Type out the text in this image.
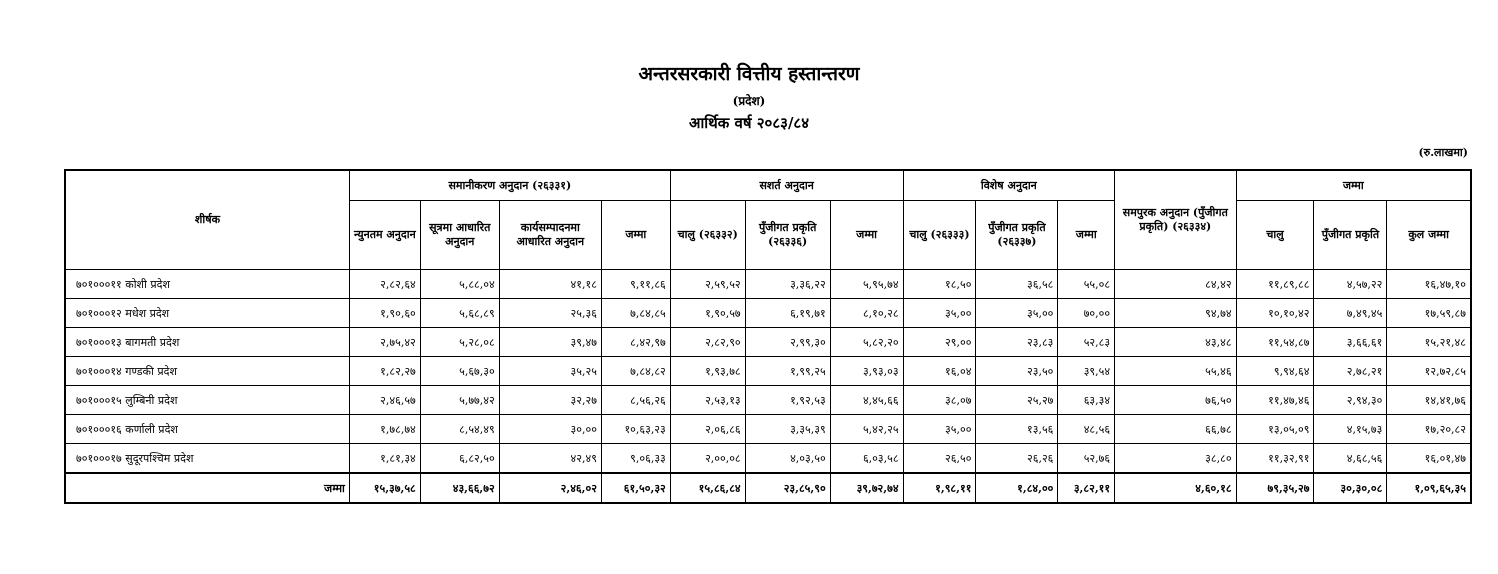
अन्तरसरकारी वित्तीय हस्तान्तरण
(प्रदेश)
आर्थिक वर्ष २०८३/८४
(रु.लाखमा)
शीर्षक	समानीकरण अनुदान (२६३३१)				सशर्त अनुदान			विशेष अनुदान			समपुरक अनुदान (पुँजीगत प्रकृति) (२६३३४)	जम्मा		
	न्युनतम अनुदान	सूत्रमा आधारित अनुदान	कार्यसम्पादनमा आधारित अनुदान	जम्मा	चालु (२६३३२)	पुँजीगत प्रकृति (२६३३६)	जम्मा	चालु (२६३३३)	पुँजीगत प्रकृति (२६३३७)	जम्मा		चालु	पुँजीगत प्रकृति	कुल जम्मा
७०१०००११ कोशी प्रदेश	२,८२,६४	५,८८,०४	४१,१८	९,११,८६	२,५९,५२	३,३६,२२	५,९५,७४	१८,५०	३६,५८	५५,०८	८४,४२	११,८९,८८	४,५७,२२	१६,४७,१०
७०१०००१२ मधेश प्रदेश	१,९०,६०	५,६८,८९	२५,३६	७,८४,८५	१,९०,५७	६,१९,७१	८,१०,२८	३५,००	३५,००	७०,००	९४,७४	१०,१०,४२	७,४९,४५	१७,५९,८७
७०१०००१३ बागमती प्रदेश	२,७५,४२	५,२८,०८	३९,४७	८,४२,९७	२,८२,९०	२,९९,३०	५,८२,२०	२९,००	२३,८३	५२,८३	४३,४८	११,५४,८७	३,६६,६१	१५,२१,४८
७०१०००१४ गण्डकी प्रदेश	१,८२,२७	५,६७,३०	३५,२५	७,८४,८२	१,९३,७८	१,९९,२५	३,९३,०३	१६,०४	२३,५०	३९,५४	५५,४६	९,९४,६४	२,७८,२१	१२,७२,८५
७०१०००१५ लुम्बिनी प्रदेश	२,४६,५७	५,७७,४२	३२,२७	८,५६,२६	२,५३,१३	१,९२,५३	४,४५,६६	३८,०७	२५,२७	६३,३४	७६,५०	११,४७,४६	२,९४,३०	१४,४१,७६
७०१०००१६ कर्णाली प्रदेश	१,७८,७४	८,५४,४९	३०,००	१०,६३,२३	२,०६,८६	३,३५,३९	५,४२,२५	३५,००	१३,५६	४८,५६	६६,७८	१३,०५,०९	४,१५,७३	१७,२०,८२
७०१०००१७ सुदूरपश्चिम प्रदेश	१,८१,३४	६,८२,५०	४२,४९	९,०६,३३	२,००,०८	४,०३,५०	६,०३,५८	२६,५०	२६,२६	५२,७६	३८,८०	११,३२,९१	४,६८,५६	१६,०१,४७
जम्मा	१५,३७,५८	४३,६६,७२	२,४६,०२	६१,५०,३२	१५,८६,८४	२३,८५,९०	३९,७२,७४	१,९८,११	१,८४,००	३,८२,११	४,६०,१८	७९,३५,२७	३०,३०,०८	१,०९,६५,३५
